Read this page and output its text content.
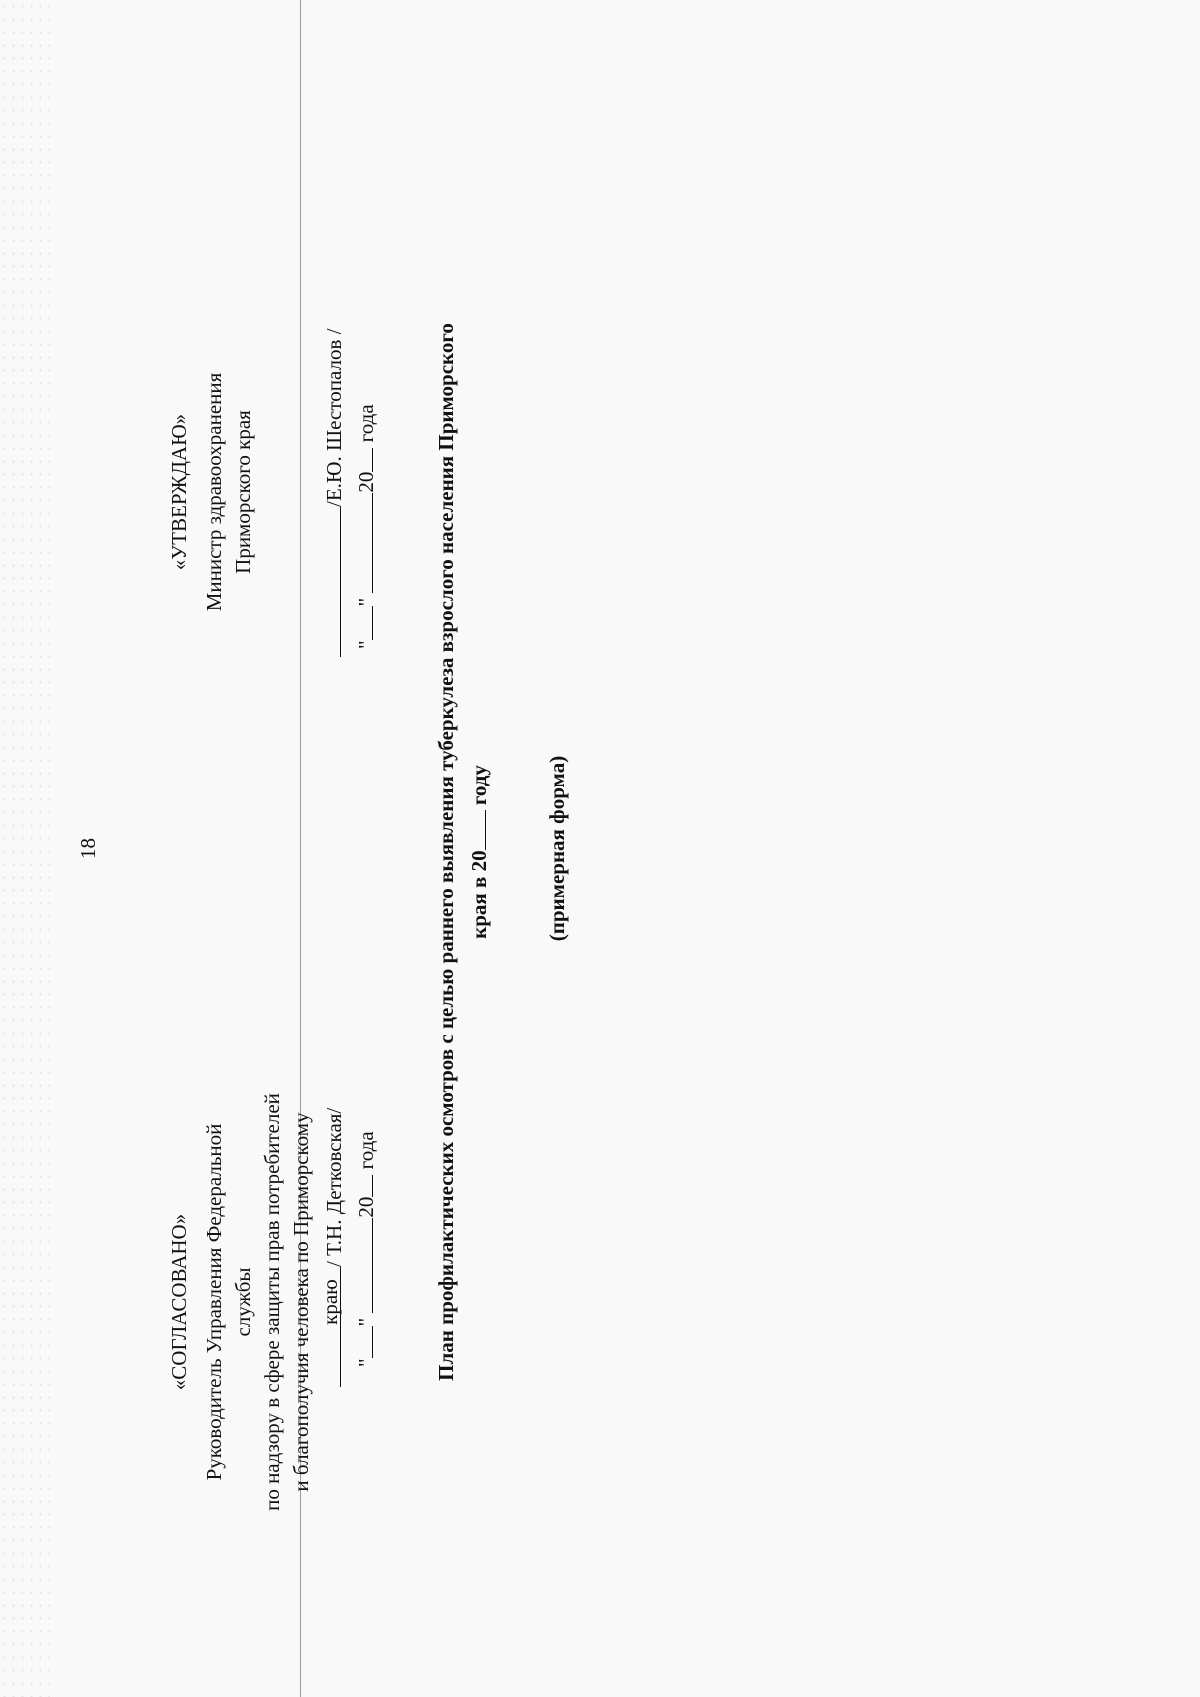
18
«СОГЛАСОВАНО» Руководитель Управления Федеральной службы по надзору в сфере защиты прав потребителей и благополучия человека по Приморскому краю
/ Т.Н. Детковская/
"" 20 года
«УТВЕРЖДАЮ» Министр здравоохранения Приморского края	/Е.Ю. Шестопалов /
"" 20 года	План профилактических осмотров с целью раннего выявления туберкулеза взрослого населения Приморского края в 20 году	(примерная форма)
